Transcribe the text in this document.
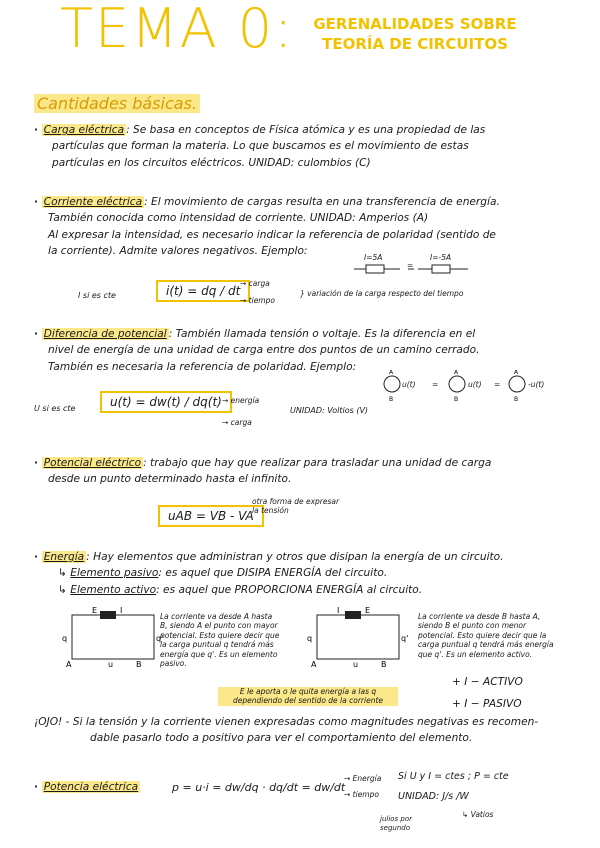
TEMA 0:	GERENALIDADES SOBRE
TEORÍA DE CIRCUITOS
Cantidades básicas.
· Carga eléctrica : Se basa en conceptos de Física atómica y es una propiedad de las
partículas que forman la materia. Lo que buscamos es el movimiento de estas
partículas en los circuitos eléctricos. UNIDAD: culombios (C)
· Corriente eléctrica : El movimiento de cargas resulta en una transferencia de energía.
También conocida como intensidad de corriente. UNIDAD: Amperios (A)
Al expresar la intensidad, es necesario indicar la referencia de polaridad (sentido de
la corriente). Admite valores negativos. Ejemplo:
I=5A
=
I=-5A
I si es cte	i(t) = dq / dt
→ carga
→ tiempo
} variación de la carga respecto del tiempo
· Diferencia de potencial : También llamada tensión o voltaje. Es la diferencia en el
nivel de energía de una unidad de carga entre dos puntos de un camino cerrado.
También es necesaria la referencia de polaridad. Ejemplo:	A
B
A
B
A
B
u(t) =	u(t) =	-u(t)
U si es cte	u(t) = dw(t) / dq(t) → energía
→ carga
UNIDAD: Voltios (V)
· Potencial eléctrico : trabajo que hay que realizar para trasladar una unidad de carga
desde un punto determinado hasta el infinito.
uAB = VB - VA
otra forma de expresar la tensión
· Energía : Hay elementos que administran y otros que disipan la energía de un circuito.
↳ Elemento pasivo: es aquel que DISIPA ENERGÍA del circuito.
↳ Elemento activo: es aquel que PROPORCIONA ENERGÍA al circuito.
E	I
q	q'
A	u	B
La corriente va desde A hasta B, siendo A el punto con mayor potencial. Esto quiere decir que la carga puntual q tendrá más energía que q'. Es un elemento pasivo.
I	E
q	q'
A	u	B
La corriente va desde B hasta A, siendo B el punto con menor potencial. Esto quiere decir que la carga puntual q tendrá más energía que q'. Es un elemento activo.
E le aporta o le quita energía a las q dependiendo del sentido de la corriente
+ I − ACTIVO
+ I − PASIVO
¡OJO! - Si la tensión y la corriente vienen expresadas como magnitudes negativas es recomen-
dable pasarlo todo a positivo para ver el comportamiento del elemento.
· Potencia eléctrica	p = u·i = dw/dq · dq/dt = dw/dt
→ Energía
→ tiempo
Si U y I = ctes ; P = cte
UNIDAD: J/s /W
↳ Vatios
julios por segundo
